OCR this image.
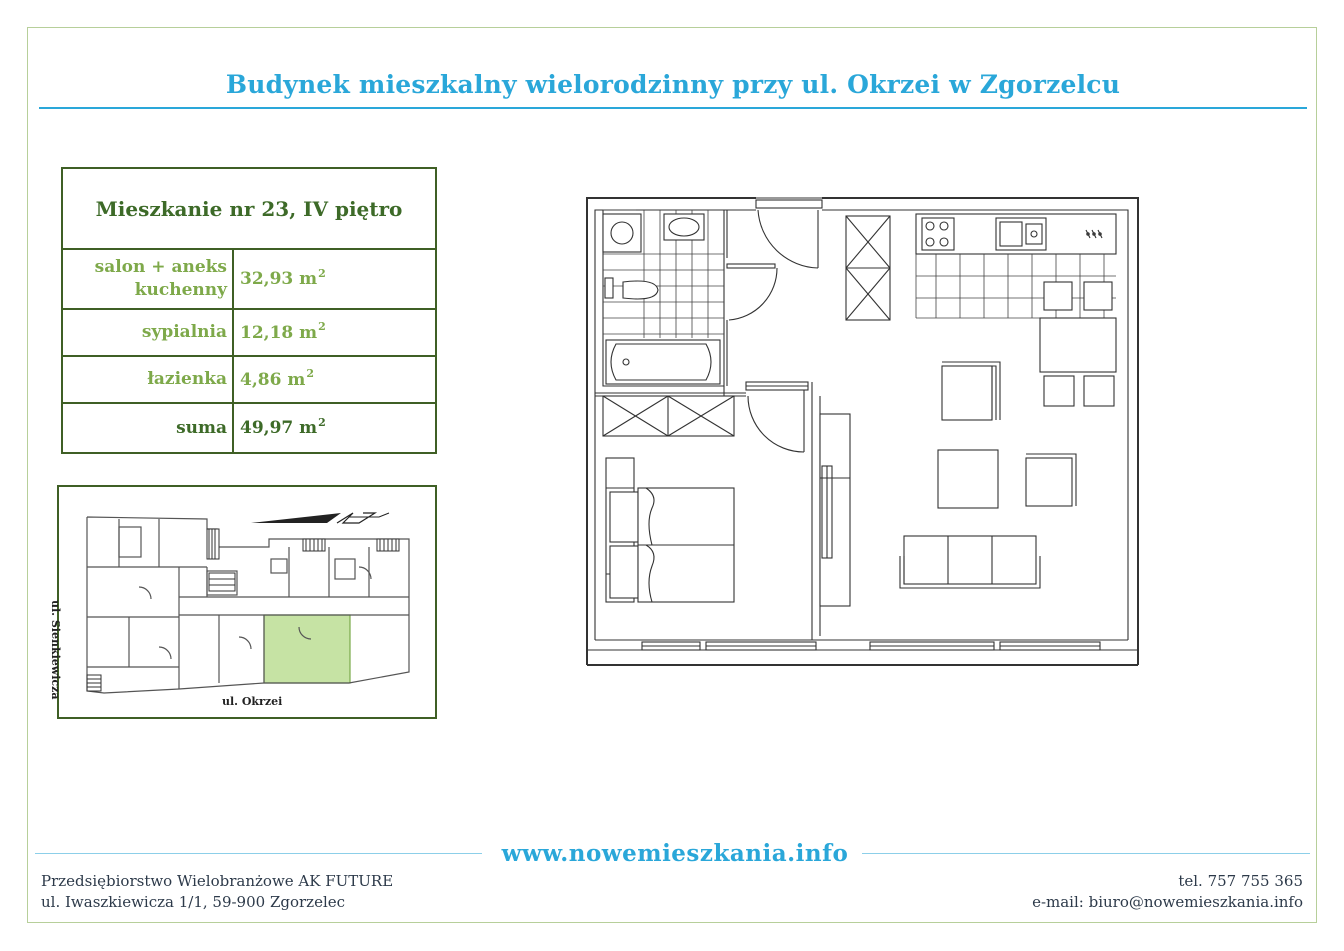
Budynek mieszkalny wielorodzinny przy ul. Okrzei w Zgorzelcu
Mieszkanie nr 23, IV piętro
salon + aneks kuchenny
32,93 m 2
sypialnia 12,18 m 2
łazienka 4,86 m 2
suma 49,97 m 2
ul. Okrzei
ul. Sienkiewicza
www.nowemieszkania.info
Przedsiębiorstwo Wielobranżowe AK FUTURE
ul. Iwaszkiewicza 1/1, 59-900 Zgorzelec
tel. 757 755 365
e-mail: biuro@nowemieszkania.info
